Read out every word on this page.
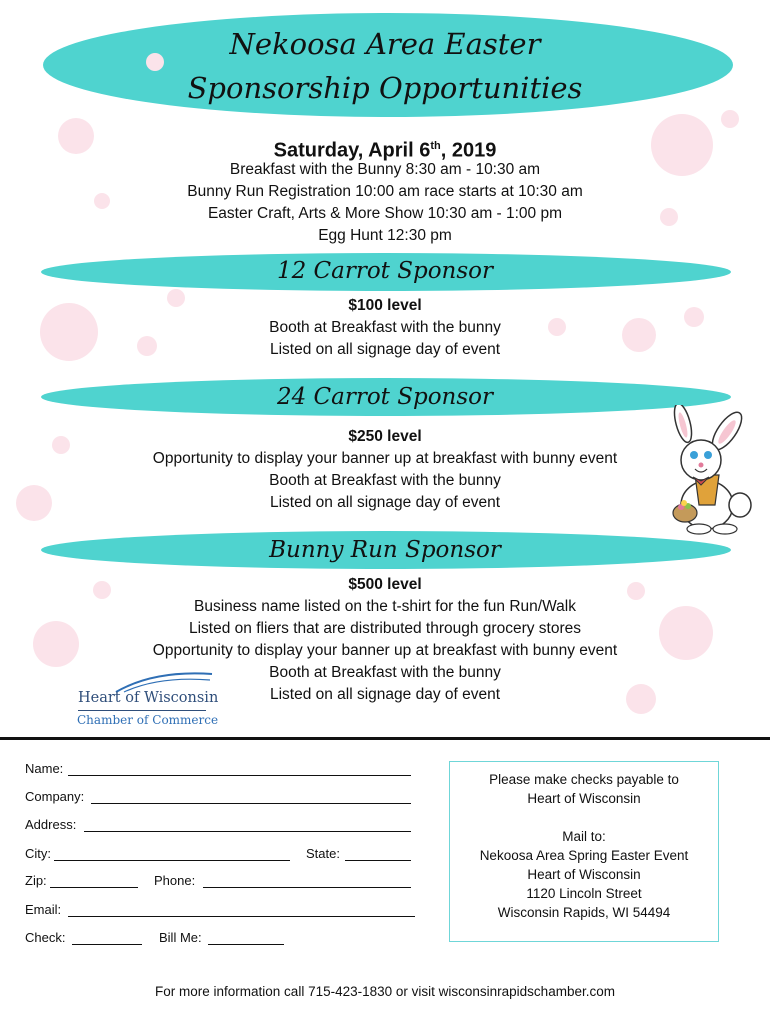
Nekoosa Area Easter
Sponsorship Opportunities
Saturday, April 6th, 2019
Breakfast with the Bunny 8:30 am - 10:30 am
Bunny Run Registration 10:00 am race starts at 10:30 am
Easter Craft, Arts & More Show 10:30 am - 1:00 pm
Egg Hunt 12:30 pm
12 Carrot Sponsor
$100 level
Booth at Breakfast with the bunny
Listed on all signage day of event
24 Carrot Sponsor
$250 level
Opportunity to display your banner up at breakfast with bunny event
Booth at Breakfast with the bunny
Listed on all signage day of event
Bunny Run Sponsor
$500 level
Business name listed on the t-shirt for the fun Run/Walk
Listed on fliers that are distributed through grocery stores
Opportunity to display your banner up at breakfast with bunny event
Booth at Breakfast with the bunny
Listed on all signage day of event
Heart of Wisconsin
Chamber of Commerce
Name:
Company:
Address:
City:	State:
Zip:	Phone:
Email:
Check:	Bill Me:
Please make checks payable to
Heart of Wisconsin
Mail to:
Nekoosa Area Spring Easter Event
Heart of Wisconsin
1120 Lincoln Street
Wisconsin Rapids, WI 54494
For more information call 715-423-1830 or visit wisconsinrapidschamber.com
